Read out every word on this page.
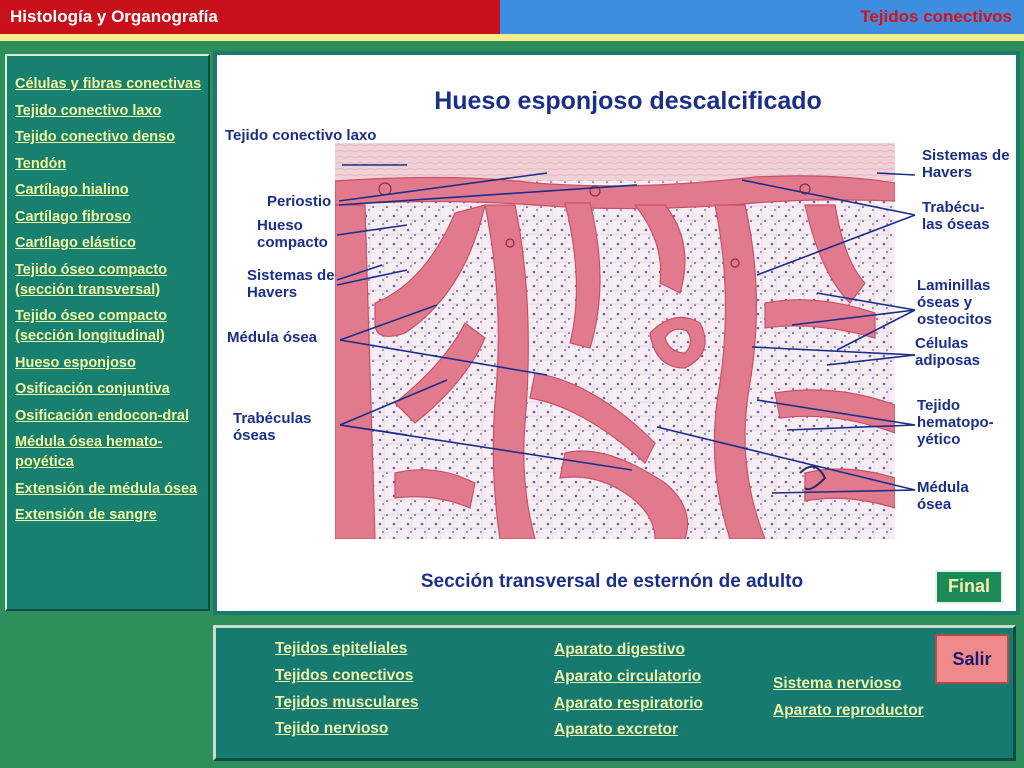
Histología y Organografía	Tejidos conectivos
Células y fibras conectivas
Tejido conectivo laxo
Tejido conectivo denso
Tendón
Cartílago hialino
Cartílago fibroso
Cartílago elástico
Tejido óseo compacto (sección transversal)
Tejido óseo compacto (sección longitudinal)
Hueso esponjoso
Osificación conjuntiva
Osificación endocon-dral
Médula ósea hemato-poyética
Extensión de médula ósea
Extensión de sangre
Hueso esponjoso descalcificado
Tejido conectivo laxo
Periostio
Hueso compacto
Sistemas de Havers
Médula ósea
Trabéculas óseas
Sistemas de Havers
Trabécu-las óseas
Laminillas óseas y osteocitos
Células adiposas
Tejido hematopo-yético
Médula ósea
Sección transversal de esternón de adulto	Final
Tejidos epiteliales
Tejidos conectivos
Tejidos musculares
Tejido nervioso
Aparato digestivo
Aparato circulatorio
Aparato respiratorio
Aparato excretor
Sistema nervioso
Aparato reproductor
Salir
